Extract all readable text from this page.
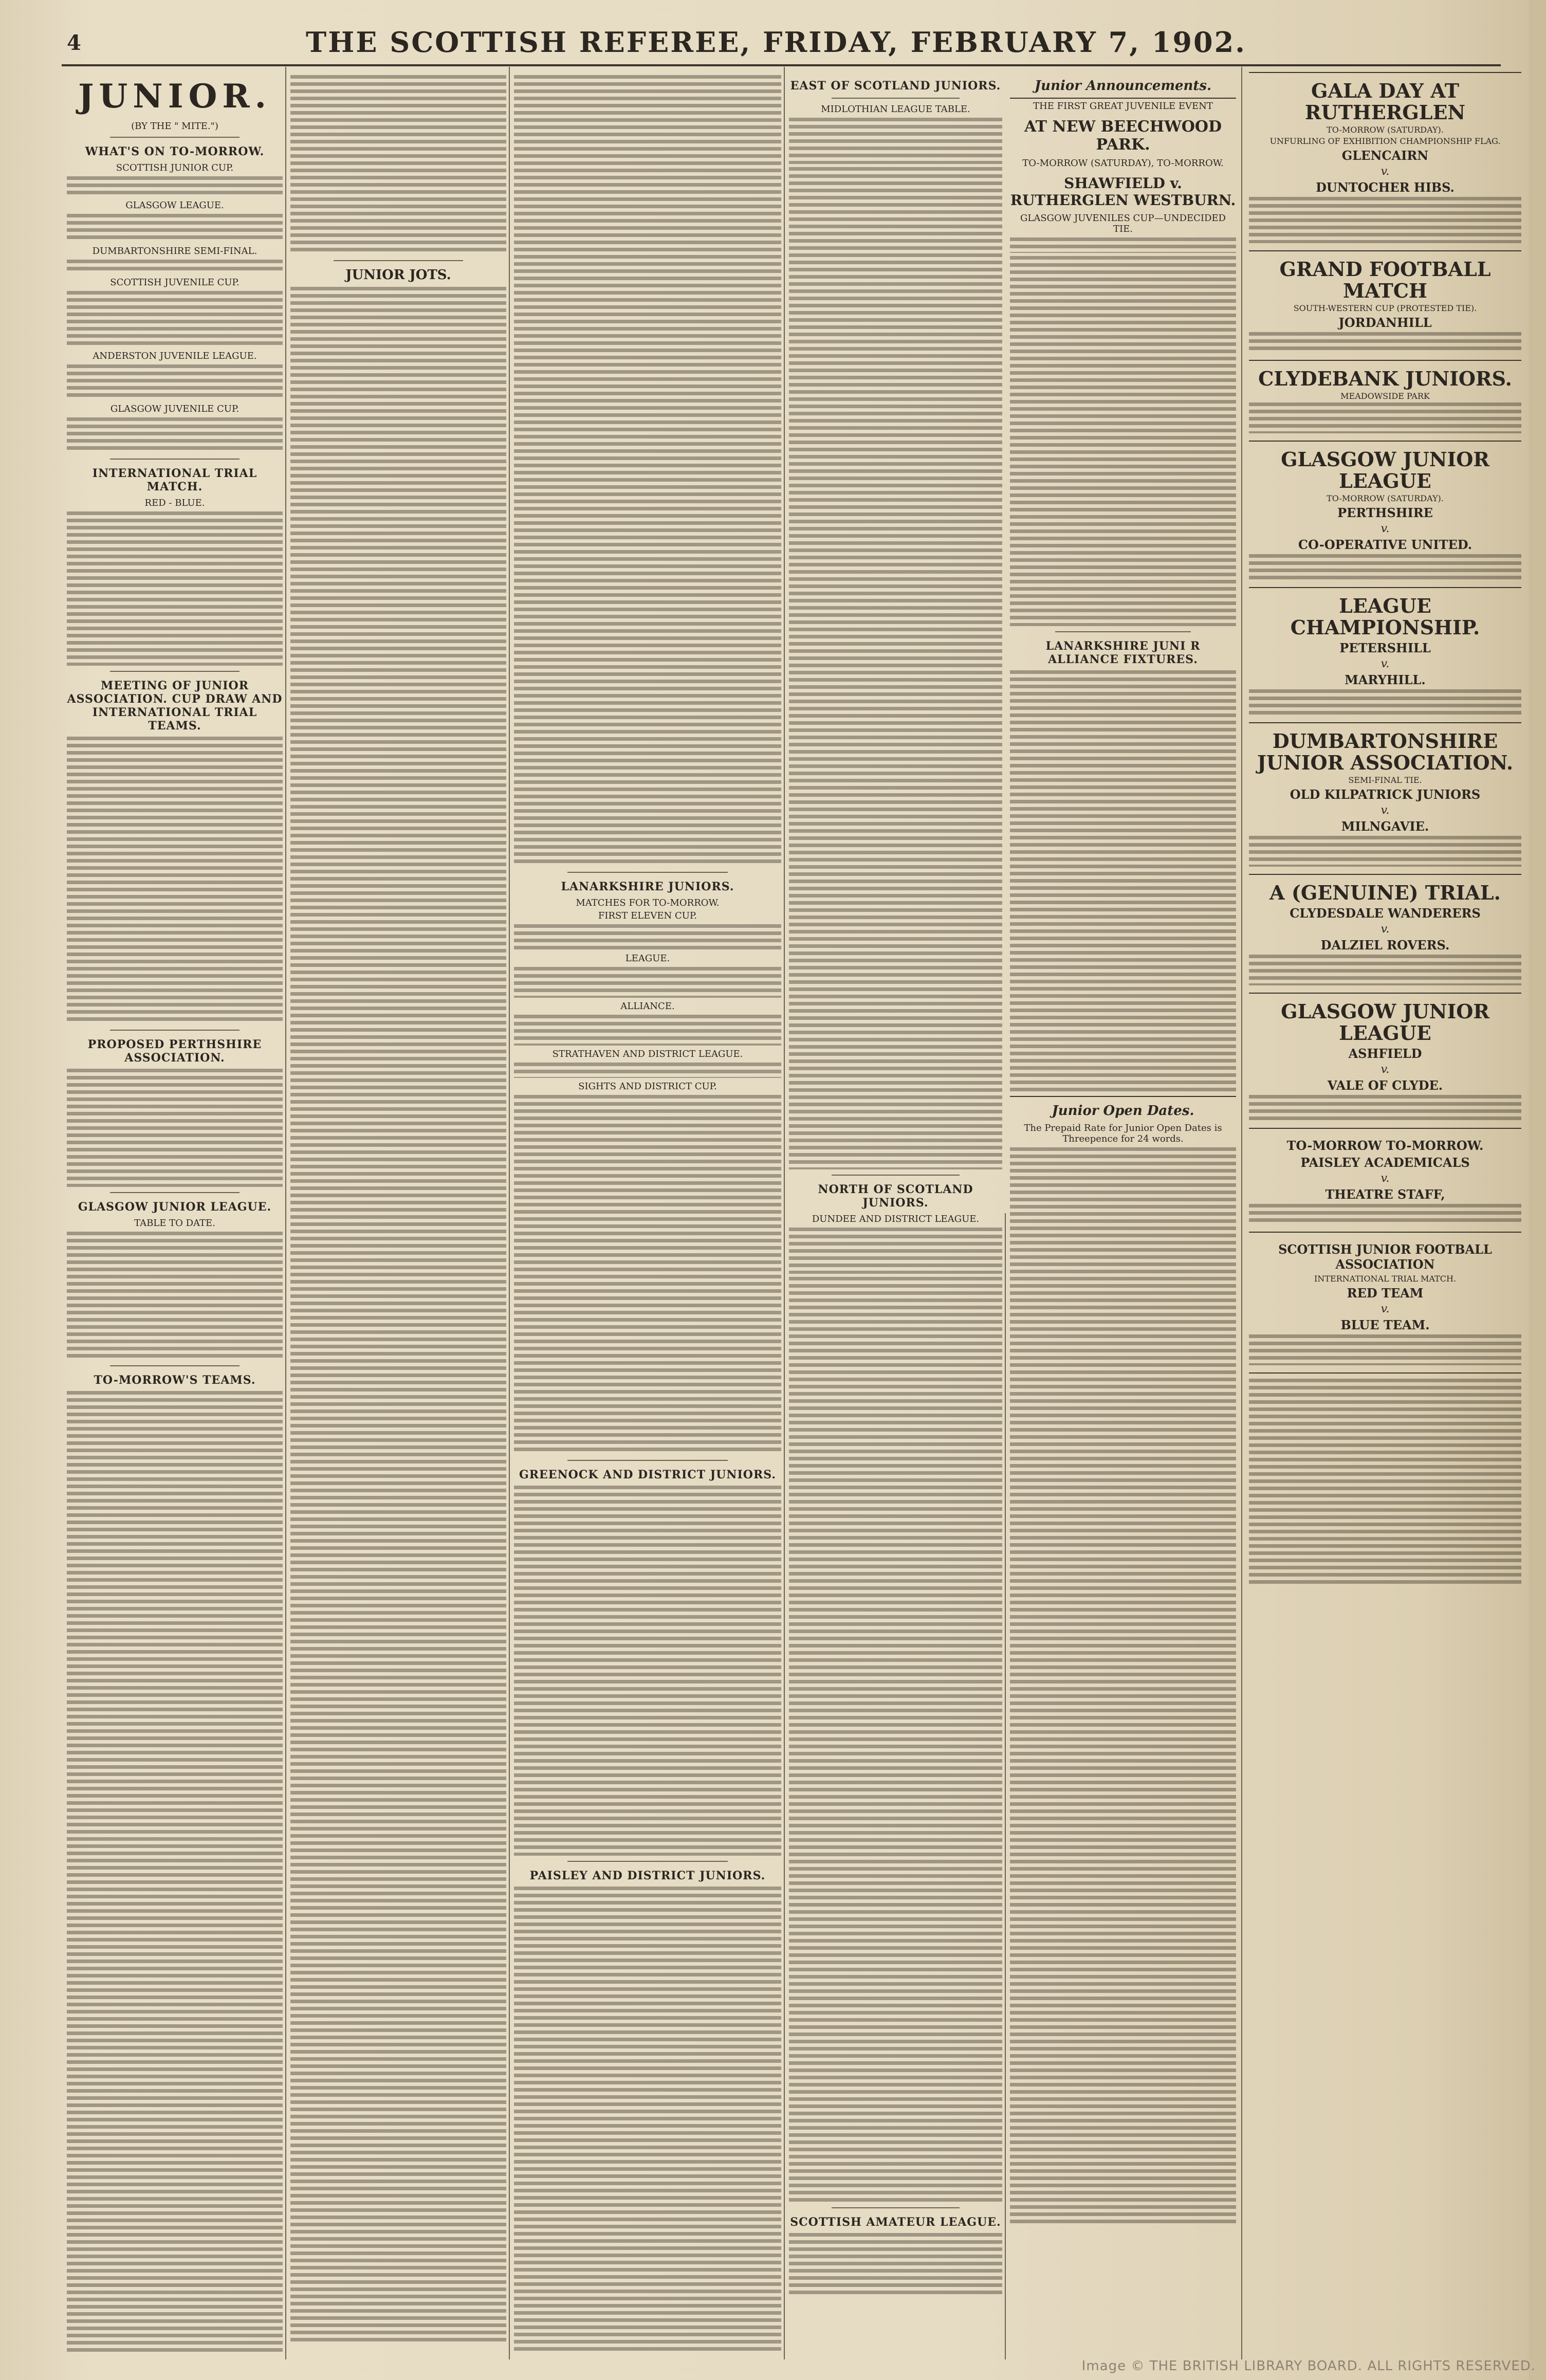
4	THE SCOTTISH REFEREE, FRIDAY, FEBRUARY 7, 1902.
JUNIOR.
(BY THE " MITE.")
WHAT'S ON TO-MORROW.
SCOTTISH JUNIOR CUP.
GLASGOW LEAGUE.
DUMBARTONSHIRE SEMI-FINAL.
SCOTTISH JUVENILE CUP.
ANDERSTON JUVENILE LEAGUE.
GLASGOW JUVENILE CUP.
INTERNATIONAL TRIAL MATCH.
RED - BLUE.
MEETING OF JUNIOR ASSOCIATION. CUP DRAW AND INTERNATIONAL TRIAL TEAMS.
PROPOSED PERTHSHIRE ASSOCIATION.
GLASGOW JUNIOR LEAGUE.
TABLE TO DATE.
TO-MORROW'S TEAMS.
JUNIOR JOTS.
LANARKSHIRE JUNIORS.
MATCHES FOR TO-MORROW.
FIRST ELEVEN CUP.
LEAGUE.
ALLIANCE.
STRATHAVEN AND DISTRICT LEAGUE.
SIGHTS AND DISTRICT CUP.
GREENOCK AND DISTRICT JUNIORS.
PAISLEY AND DISTRICT JUNIORS.
EAST OF SCOTLAND JUNIORS.
MIDLOTHIAN LEAGUE TABLE.
NORTH OF SCOTLAND JUNIORS.
DUNDEE AND DISTRICT LEAGUE.
SCOTTISH AMATEUR LEAGUE.
Junior Announcements.
THE FIRST GREAT JUVENILE EVENT
AT NEW BEECHWOOD PARK.
TO-MORROW (SATURDAY), TO-MORROW.
SHAWFIELD v. RUTHERGLEN WESTBURN.
GLASGOW JUVENILES CUP—UNDECIDED TIE.
LANARKSHIRE JUNI R ALLIANCE FIXTURES.
Junior Open Dates.
The Prepaid Rate for Junior Open Dates is Threepence for 24 words.
GALA DAY AT RUTHERGLEN
TO-MORROW (SATURDAY).
UNFURLING OF EXHIBITION CHAMPIONSHIP FLAG.
GLENCAIRN
v.
DUNTOCHER HIBS.
GRAND FOOTBALL MATCH
SOUTH-WESTERN CUP (PROTESTED TIE).
JORDANHILL
CLYDEBANK JUNIORS.
MEADOWSIDE PARK
GLASGOW JUNIOR LEAGUE
TO-MORROW (SATURDAY).
PERTHSHIRE
v.
CO-OPERATIVE UNITED.
LEAGUE CHAMPIONSHIP.
PETERSHILL
v.
MARYHILL.
DUMBARTONSHIRE JUNIOR ASSOCIATION.
SEMI-FINAL TIE.
OLD KILPATRICK JUNIORS
v.
MILNGAVIE.
A (GENUINE) TRIAL.
CLYDESDALE WANDERERS
v.
DALZIEL ROVERS.
GLASGOW JUNIOR LEAGUE
ASHFIELD
v.
VALE OF CLYDE.
TO-MORROW TO-MORROW.
PAISLEY ACADEMICALS
v.
THEATRE STAFF,
SCOTTISH JUNIOR FOOTBALL ASSOCIATION
INTERNATIONAL TRIAL MATCH.
RED TEAM
v.
BLUE TEAM.
Image © THE BRITISH LIBRARY BOARD. ALL RIGHTS RESERVED.
